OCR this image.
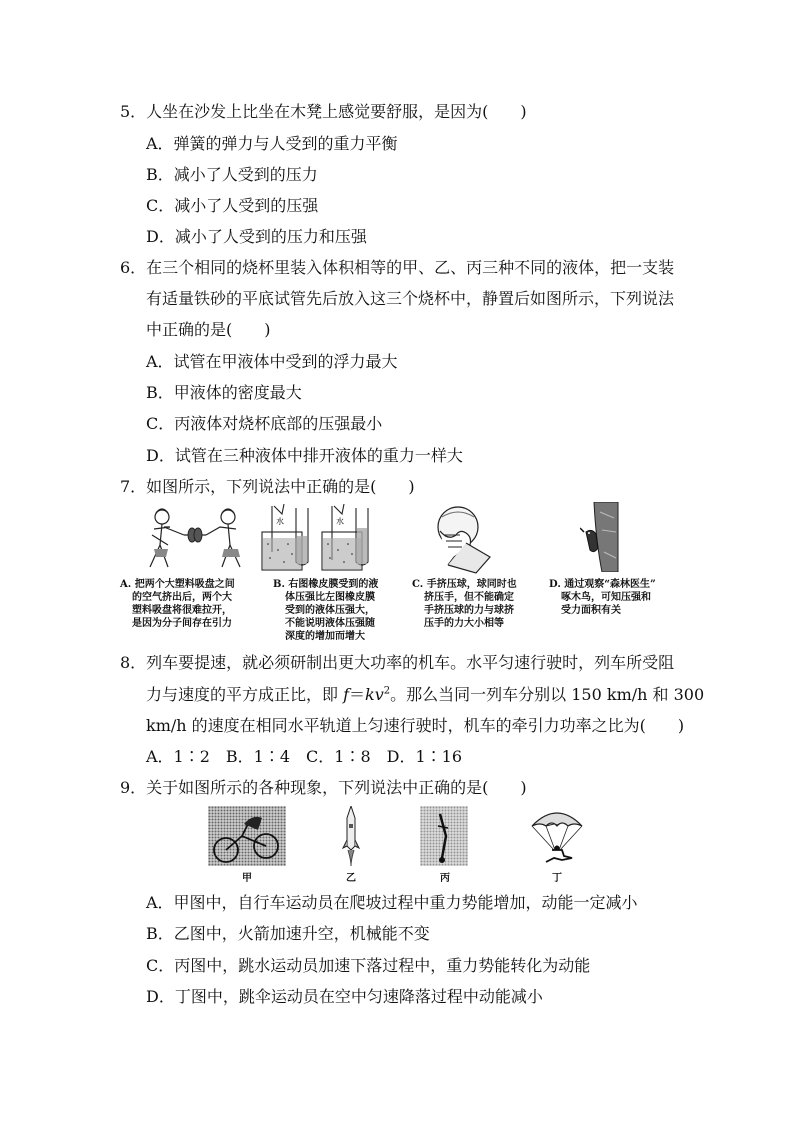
5．人坐在沙发上比坐在木凳上感觉要舒服，是因为(　　)
A．弹簧的弹力与人受到的重力平衡
B．减小了人受到的压力
C．减小了人受到的压强
D．减小了人受到的压力和压强
6．在三个相同的烧杯里装入体积相等的甲、乙、丙三种不同的液体，把一支装
有适量铁砂的平底试管先后放入这三个烧杯中，静置后如图所示，下列说法
中正确的是(　　)
A．试管在甲液体中受到的浮力最大
B．甲液体的密度最大
C．丙液体对烧杯底部的压强最小
D．试管在三种液体中排开液体的重力一样大
7．如图所示，下列说法中正确的是(　　)
水	水
A. 把两个大塑料吸盘之间
的空气挤出后，两个大
塑料吸盘将很难拉开，
是因为分子间存在引力
B. 右图橡皮膜受到的液
体压强比左图橡皮膜
受到的液体压强大，
不能说明液体压强随
深度的增加而增大
C. 手挤压球，球同时也
挤压手，但不能确定
手挤压球的力与球挤
压手的力大小相等
D. 通过观察“森林医生”
啄木鸟，可知压强和
受力面积有关
8．列车要提速，就必须研制出更大功率的机车。水平匀速行驶时，列车所受阻
力与速度的平方成正比，即 $f=kv^2$。那么当同一列车分别以 150 km/h 和 300
km/h 的速度在相同水平轨道上匀速行驶时，机车的牵引力功率之比为(　　)
A．1∶2　B．1∶4　C．1∶8　D．1∶16
9．关于如图所示的各种现象，下列说法中正确的是(　　)
甲	乙	丙	丁
A．甲图中，自行车运动员在爬坡过程中重力势能增加，动能一定减小
B．乙图中，火箭加速升空，机械能不变
C．丙图中，跳水运动员加速下落过程中，重力势能转化为动能
D．丁图中，跳伞运动员在空中匀速降落过程中动能减小
